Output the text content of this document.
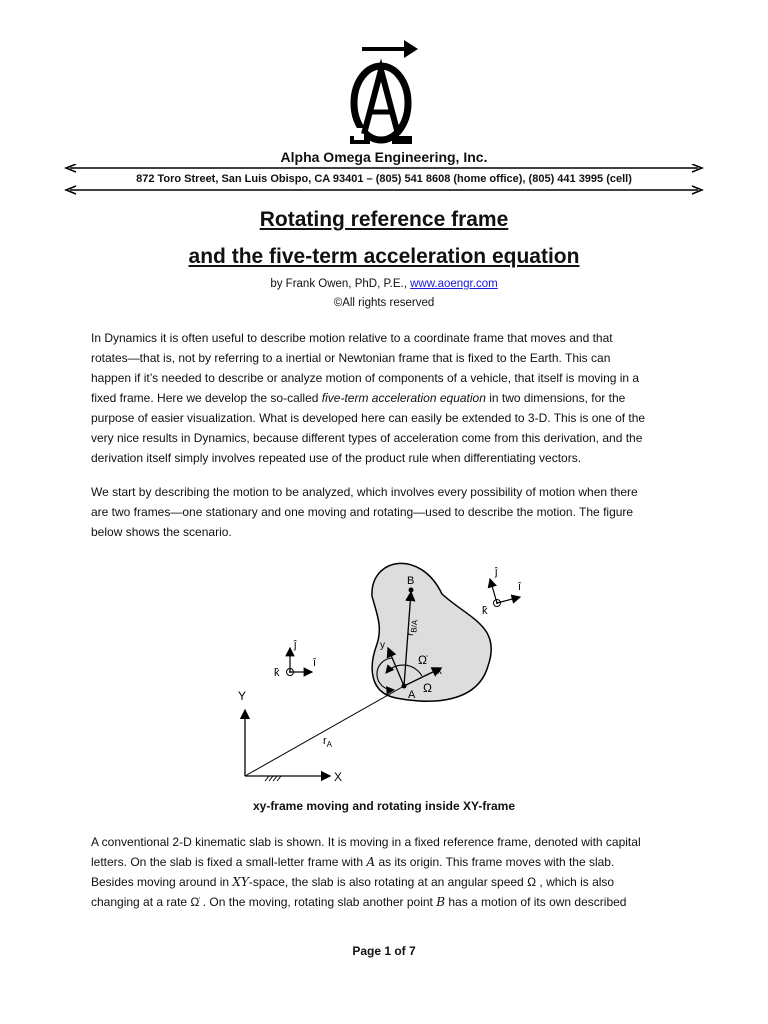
Alpha Omega Engineering, Inc.
872 Toro Street, San Luis Obispo, CA 93401 – (805) 541 8608 (home office), (805) 441 3995 (cell)
Rotating reference frame
and the five-term acceleration equation
by Frank Owen, PhD, P.E., www.aoengr.com
©All rights reserved
In Dynamics it is often useful to describe motion relative to a coordinate frame that moves and that
rotates—that is, not by referring to a inertial or Newtonian frame that is fixed to the Earth. This can
happen if it’s needed to describe or analyze motion of components of a vehicle, that itself is moving in a
fixed frame. Here we develop the so-called five-term acceleration equation in two dimensions, for the
purpose of easier visualization. What is developed here can easily be extended to 3-D. This is one of the
very nice results in Dynamics, because different types of acceleration come from this derivation, and the
derivation itself simply involves repeated use of the product rule when differentiating vectors.
We start by describing the motion to be analyzed, which involves every possibility of motion when there
are two frames—one stationary and one moving and rotating—used to describe the motion. The figure
below shows the scenario.
Y
X
$r_A$
A
x
y
B
$r_{B/A}$
Ω̇
Ω
ĵ
î
k̂
ĵ
î
k̂
xy-frame moving and rotating inside XY-frame
A conventional 2-D kinematic slab is shown. It is moving in a fixed reference frame, denoted with capital
letters. On the slab is fixed a small-letter frame with A as its origin. This frame moves with the slab.
Besides moving around in XY-space, the slab is also rotating at an angular speed Ω , which is also
changing at a rate Ω̇ . On the moving, rotating slab another point B has a motion of its own described
Page 1 of 7
